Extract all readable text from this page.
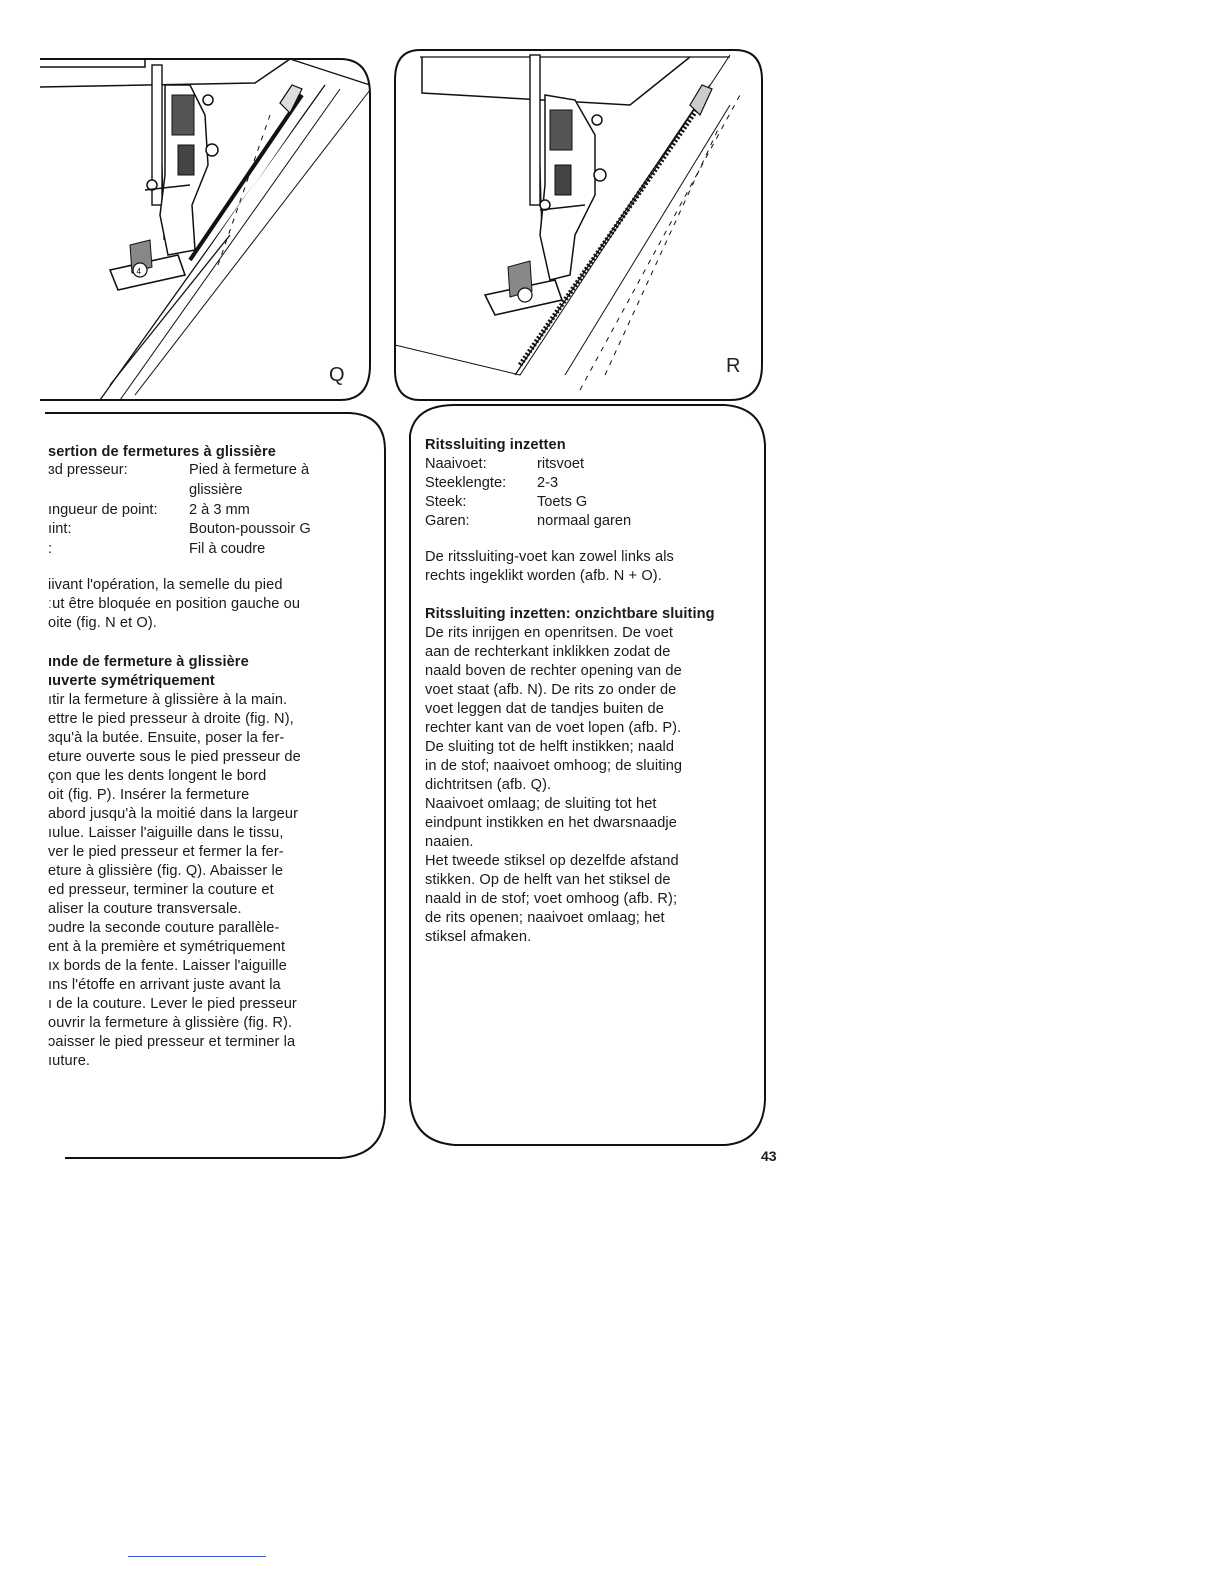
4
Q	R
sertion de fermetures à glissière
ɜd presseur:	Pied à fermeture à
glissière
ıngueur de point: 2 à 3 mm
ıint:	Bouton-poussoir G
:	Fil à coudre
iivant l'opération, la semelle du pied
ːut être bloquée en position gauche ou
oite (fig. N et O).
ınde de fermeture à glissière
ıuverte symétriquement
ıtir la fermeture à glissière à la main.
ettre le pied presseur à droite (fig. N),
ɜqu'à la butée. Ensuite, poser la fer-
eture ouverte sous le pied presseur de
çon que les dents longent le bord
oit (fig. P). Insérer la fermeture
abord jusqu'à la moitié dans la largeur
ıulue. Laisser l'aiguille dans le tissu,
ver le pied presseur et fermer la fer-
eture à glissière (fig. Q). Abaisser le
ed presseur, terminer la couture et
aliser la couture transversale.
ɔudre la seconde couture parallèle-
ent à la première et symétriquement
ıx bords de la fente. Laisser l'aiguille
ıns l'étoffe en arrivant juste avant la
ı de la couture. Lever le pied presseur
ouvrir la fermeture à glissière (fig. R).
ɔaisser le pied presseur et terminer la
ıuture.
Ritssluiting inzetten
Naaivoet:	ritsvoet
Steeklengte: 2-3
Steek:	Toets G
Garen:	normaal garen
De ritssluiting-voet kan zowel links als
rechts ingeklikt worden (afb. N + O).
Ritssluiting inzetten: onzichtbare sluiting
De rits inrijgen en openritsen. De voet
aan de rechterkant inklikken zodat de
naald boven de rechter opening van de
voet staat (afb. N). De rits zo onder de
voet leggen dat de tandjes buiten de
rechter kant van de voet lopen (afb. P).
De sluiting tot de helft instikken; naald
in de stof; naaivoet omhoog; de sluiting
dichtritsen (afb. Q).
Naaivoet omlaag; de sluiting tot het
eindpunt instikken en het dwarsnaadje
naaien.
Het tweede stiksel op dezelfde afstand
stikken. Op de helft van het stiksel de
naald in de stof; voet omhoog (afb. R);
de rits openen; naaivoet omlaag; het
stiksel afmaken.
43
